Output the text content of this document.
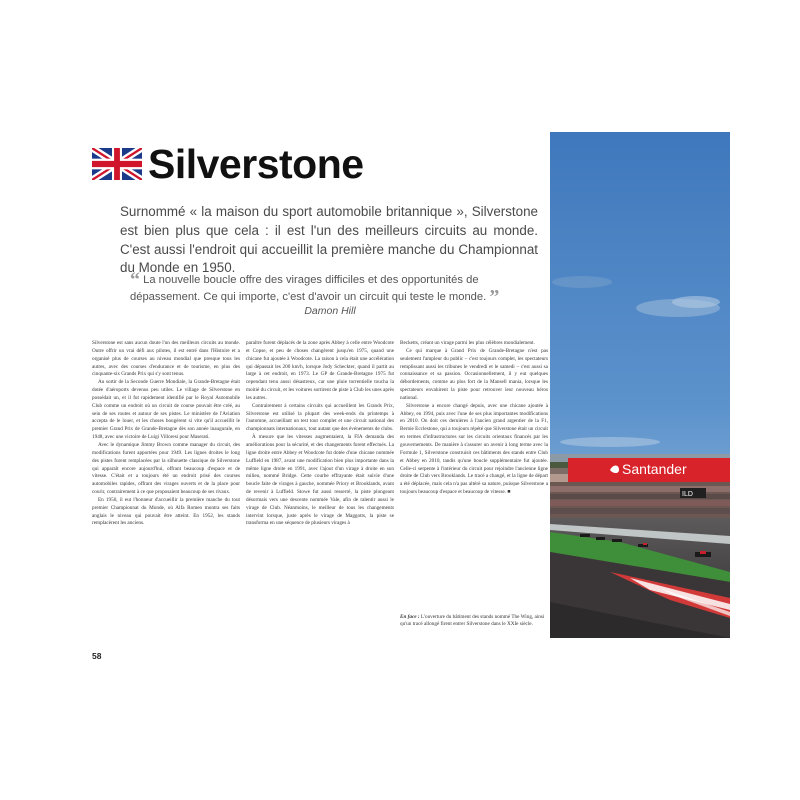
Silverstone
Surnommé « la maison du sport automobile britannique », Silverstone est bien plus que cela : il est l'un des meilleurs circuits au monde. C'est aussi l'endroit qui accueillit la première manche du Championnat du Monde en 1950.
“ La nouvelle boucle offre des virages difficiles et des opportunités de dépassement. Ce qui importe, c'est d'avoir un circuit qui teste le monde. ”
Damon Hill

Silverstone est sans aucun doute l'un des meilleurs circuits au monde. Outre offrir un vrai défi aux pilotes, il est entré dans l'Histoire et a organisé plus de courses au niveau mondial que presque tous les autres, avec des courses d'endurance et de tourisme, en plus des cinquante-six Grands Prix qui s'y sont tenus.

Au sortir de la Seconde Guerre Mondiale, la Grande-Bretagne était dotée d'aéroports devenus peu utiles. Le village de Silverstone en possédait un, et il fut rapidement identifié par le Royal Automobile Club comme un endroit où un circuit de course pouvait être créé, au sein de ses routes et autour de ses pistes. Le ministère de l'Aviation accepta de le louer, et les choses bougèrent si vite qu'il accueillit le premier Grand Prix de Grande-Bretagne dès son année inaugurale, en 1948, avec une victoire de Luigi Villoresi pour Maserati.

Avec le dynamique Jimmy Brown comme manager du circuit, des modifications furent apportées pour 1949. Les lignes droites le long des pistes furent remplacées par la silhouette classique de Silverstone qui apparaît encore aujourd'hui, offrant beaucoup d'espace et de vitesse. C'était et a toujours été un endroit prisé des courses automobiles rapides, offrant des virages ouverts et de la place pour courir, contrairement à ce que proposaient beaucoup de ses rivaux.

En 1950, il eut l'honneur d'accueillir la première manche du tout premier Championnat du Monde, où Alfa Romeo montra ses faits anglais le niveau qui pouvait être atteint. En 1952, les stands remplacèrent les anciens.

paraître furent déplacés de la zone après Abbey à celle entre Woodcote et Copse, et peu de choses changèrent jusqu'en 1975, quand une chicane fut ajoutée à Woodcote. La raison à cela était une accélération qui dépassait les 200 km/h, lorsque Jody Scheckter, quand il partit au large à cet endroit, en 1973. Le GP de Grande-Bretagne 1975 fut cependant tenu aussi désastreux, car une pluie torrentielle toucha la moitié du circuit, et les voitures sortirent de piste à Club les unes après les autres.

Contrairement à certains circuits qui accueillent les Grands Prix, Silverstone est utilisé la plupart des week-ends du printemps à l'automne, accueillant un test tout complet et une circuit national des championnats internationaux, tout autant que des événements de clubs.

À mesure que les vitesses augmentaient, la FIA demanda des améliorations pour la sécurité, et des changements furent effectués. La ligne droite entre Abbey et Woodcote fut dotée d'une chicane nommée Luffield en 1987, avant une modification bien plus importante dans la même ligne droite en 1991, avec l'ajout d'un virage à droite en son milieu, nommé Bridge. Cette courbe effrayante était suivie d'une boucle faite de virages à gauche, nommée Priory et Brooklands, avant de revenir à Luffield. Stowe fut aussi resserré, la piste plongeant désormais vers une descente nommée Vale, afin de ralentir aussi le virage de Club. Néanmoins, le meilleur de tous les changements intervint lorsque, juste après le virage de Maggotts, la piste se transforma en une séquence de plusieurs virages à

Becketts, créant un virage parmi les plus célèbres mondialement.

Ce qui marque à Grand Prix de Grande-Bretagne n'est pas seulement l'ampleur du public – c'est toujours complet, les spectateurs remplissant aussi les tribunes le vendredi et le samedi – c'est aussi sa connaissance et sa passion. Occasionnellement, il y eut quelques débordements, comme au plus fort de la Mansell mania, lorsque les spectateurs envahirent la piste pour retrouver leur nouveau héros national.

Silverstone a encore changé depuis, avec une chicane ajoutée à Abbey, en 1994, puis avec l'une de ses plus importantes modifications en 2010. On doit ces dernières à l'ancien grand argentier de la F1, Bernie Ecclestone, qui a toujours répété que Silverstone était un circuit en termes d'infrastructures sur les circuits orientaux financés par les gouvernements. De manière à s'assurer un avenir à long terme avec la Formule 1, Silverstone construisit ces bâtiments des stands entre Club et Abbey en 2010, tandis qu'une boucle supplémentaire fut ajoutée. Celle-ci serpente à l'intérieur du circuit pour rejoindre l'ancienne ligne droite de Club vers Brooklands. Le tracé a changé, et la ligne de départ a été déplacée, mais cela n'a pas altéré sa nature, puisque Silverstone a toujours beaucoup d'espace et beaucoup de vitesse. ■

En face : L'ouverture du bâtiment des stands nommé The Wing, ainsi qu'un tracé allongé firent entrer Silverstone dans le XXIe siècle.
58
Santander
ILD
